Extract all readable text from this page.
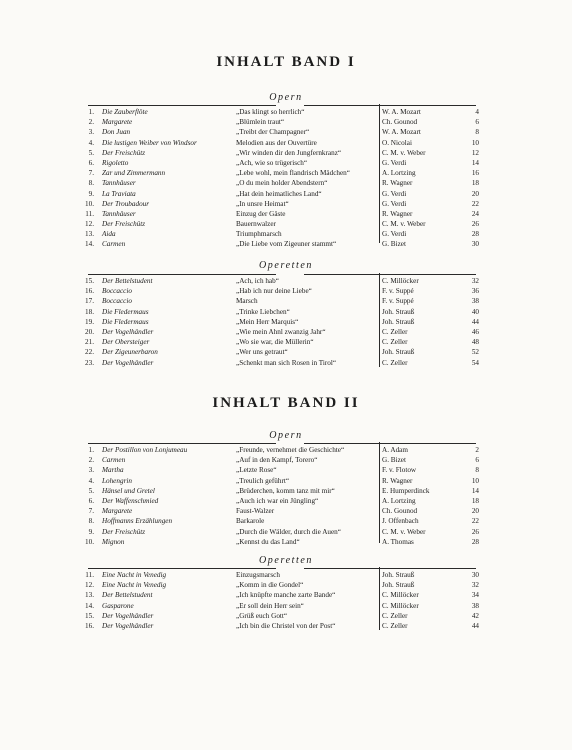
INHALT BAND I
Opern
1. Die Zauberflöte	„Das klingt so herrlich“	W. A. Mozart	4
2. Margarete	„Blümlein traut“	Ch. Gounod	6
3. Don Juan	„Treibt der Champagner“	W. A. Mozart	8
4. Die lustigen Weiber von Windsor	Melodien aus der Ouvertüre	O. Nicolai	10
5. Der Freischütz	„Wir winden dir den Jungfernkranz“	C. M. v. Weber	12
6. Rigoletto	„Ach, wie so trügerisch“	G. Verdi	14
7. Zar und Zimmermann	„Lebe wohl, mein flandrisch Mädchen“	A. Lortzing	16
8. Tannhäuser	„O du mein holder Abendstern“	R. Wagner	18
9. La Traviata	„Hat dein heimatliches Land“	G. Verdi	20
10. Der Troubadour	„In unsre Heimat“	G. Verdi	22
11. Tannhäuser	Einzug der Gäste	R. Wagner	24
12. Der Freischütz	Bauernwalzer	C. M. v. Weber	26
13. Aida	Triumphmarsch	G. Verdi	28
14. Carmen	„Die Liebe vom Zigeuner stammt“	G. Bizet	30
Operetten
15. Der Bettelstudent	„Ach, ich hab“	C. Millöcker	32
16. Boccaccio	„Hab ich nur deine Liebe“	F. v. Suppé	36
17. Boccaccio	Marsch	F. v. Suppé	38
18. Die Fledermaus	„Trinke Liebchen“	Joh. Strauß	40
19. Die Fledermaus	„Mein Herr Marquis“	Joh. Strauß	44
20. Der Vogelhändler	„Wie mein Ahnl zwanzig Jahr“	C. Zeller	46
21. Der Obersteiger	„Wo sie war, die Müllerin“	C. Zeller	48
22. Der Zigeunerbaron	„Wer uns getraut“	Joh. Strauß	52
23. Der Vogelhändler	„Schenkt man sich Rosen in Tirol“	C. Zeller	54
INHALT BAND II
Opern
1. Der Postillon von Lonjumeau	„Freunde, vernehmet die Geschichte“	A. Adam	2
2. Carmen	„Auf in den Kampf, Torero“	G. Bizet	6
3. Martha	„Letzte Rose“	F. v. Flotow	8
4. Lohengrin	„Treulich geführt“	R. Wagner	10
5. Hänsel und Gretel	„Brüderchen, komm tanz mit mir“	E. Humperdinck	14
6. Der Waffenschmied	„Auch ich war ein Jüngling“	A. Lortzing	18
7. Margarete	Faust-Walzer	Ch. Gounod	20
8. Hoffmanns Erzählungen	Barkarole	J. Offenbach	22
9. Der Freischütz	„Durch die Wälder, durch die Auen“	C. M. v. Weber	26
10. Mignon	„Kennst du das Land“	A. Thomas	28
Operetten
11. Eine Nacht in Venedig	Einzugsmarsch	Joh. Strauß	30
12. Eine Nacht in Venedig	„Komm in die Gondel“	Joh. Strauß	32
13. Der Bettelstudent	„Ich knüpfte manche zarte Bande“	C. Millöcker	34
14. Gasparone	„Er soll dein Herr sein“	C. Millöcker	38
15. Der Vogelhändler	„Grüß euch Gott“	C. Zeller	42
16. Der Vogelhändler	„Ich bin die Christel von der Post“	C. Zeller	44
